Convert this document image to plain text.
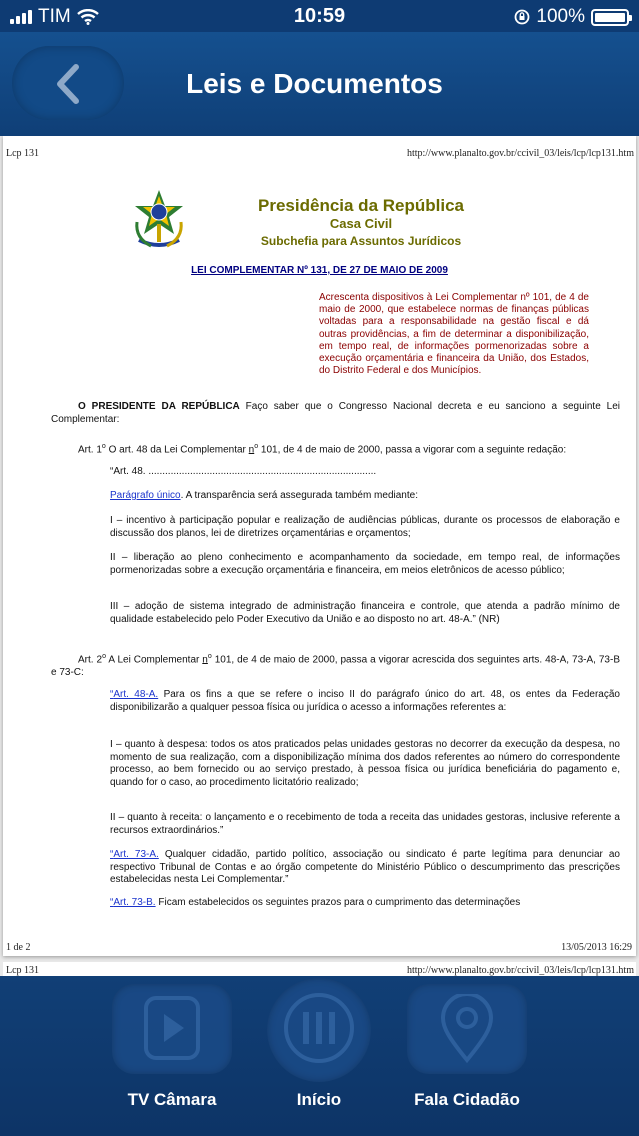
TIM	10:59	100%
Leis e Documentos
Lcp 131	http://www.planalto.gov.br/ccivil_03/leis/lcp/lcp131.htm
Presidência da República
Casa Civil
Subchefia para Assuntos Jurídicos
LEI COMPLEMENTAR Nº 131, DE 27 DE MAIO DE 2009
Acrescenta dispositivos à Lei Complementar nº 101, de 4 de maio de 2000, que estabelece normas de finanças públicas voltadas para a responsabilidade na gestão fiscal e dá outras providências, a fim de determinar a disponibilização, em tempo real, de informações pormenorizadas sobre a execução orçamentária e financeira da União, dos Estados, do Distrito Federal e dos Municípios.

O PRESIDENTE DA REPÚBLICA Faço saber que o Congresso Nacional decreta e eu sanciono a seguinte Lei Complementar:

Art. 1$^o$ O art. 48 da Lei Complementar $n^o$ 101, de 4 de maio de 2000, passa a vigorar com a seguinte redação:

“Art. 48. ..................................................................................

Parágrafo único. A transparência será assegurada também mediante:

I – incentivo à participação popular e realização de audiências públicas, durante os processos de elaboração e discussão dos planos, lei de diretrizes orçamentárias e orçamentos;

II – liberação ao pleno conhecimento e acompanhamento da sociedade, em tempo real, de informações pormenorizadas sobre a execução orçamentária e financeira, em meios eletrônicos de acesso público;

III – adoção de sistema integrado de administração financeira e controle, que atenda a padrão mínimo de qualidade estabelecido pelo Poder Executivo da União e ao disposto no art. 48-A.” (NR)

Art. 2$^o$ A Lei Complementar $n^o$ 101, de 4 de maio de 2000, passa a vigorar acrescida dos seguintes arts. 48-A, 73-A, 73-B e 73-C:

“Art. 48-A. Para os fins a que se refere o inciso II do parágrafo único do art. 48, os entes da Federação disponibilizarão a qualquer pessoa física ou jurídica o acesso a informações referentes a:

I – quanto à despesa: todos os atos praticados pelas unidades gestoras no decorrer da execução da despesa, no momento de sua realização, com a disponibilização mínima dos dados referentes ao número do correspondente processo, ao bem fornecido ou ao serviço prestado, à pessoa física ou jurídica beneficiária do pagamento e, quando for o caso, ao procedimento licitatório realizado;

II – quanto à receita: o lançamento e o recebimento de toda a receita das unidades gestoras, inclusive referente a recursos extraordinários.”

“Art. 73-A. Qualquer cidadão, partido político, associação ou sindicato é parte legítima para denunciar ao respectivo Tribunal de Contas e ao órgão competente do Ministério Público o descumprimento das prescrições estabelecidas nesta Lei Complementar.”

“Art. 73-B. Ficam estabelecidos os seguintes prazos para o cumprimento das determinações

1 de 2	13/05/2013 16:29
Lcp 131	http://www.planalto.gov.br/ccivil_03/leis/lcp/lcp131.htm
TV Câmara	Início	Fala Cidadão
